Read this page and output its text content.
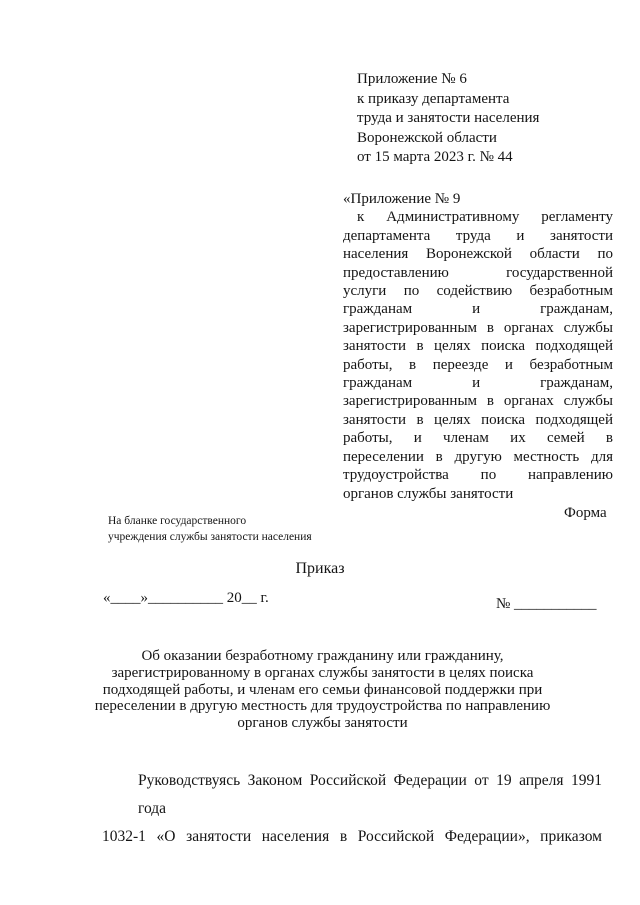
Приложение № 6
к приказу департамента
труда и занятости населения
Воронежской области
от 15 марта 2023 г. № 44
«Приложение № 9
к Административному регламенту
департамента труда и занятости
населения Воронежской области по
предоставлению государственной
услуги по содействию безработным
гражданам и гражданам,
зарегистрированным в органах службы
занятости в целях поиска подходящей
работы, в переезде и безработным
гражданам и гражданам,
зарегистрированным в органах службы
занятости в целях поиска подходящей
работы, и членам их семей в
переселении в другую местность для
трудоустройства по направлению
органов службы занятости
На бланке государственного
учреждения службы занятости населения
Форма
Приказ
«____»__________ 20__ г.	№ ___________
Об оказании безработному гражданину или гражданину,
зарегистрированному в органах службы занятости в целях поиска
подходящей работы, и членам его семьи финансовой поддержки при
переселении в другую местность для трудоустройства по направлению
органов службы занятости
Руководствуясь Законом Российской Федерации от 19 апреля 1991 года
1032-1 «О занятости населения в Российской Федерации», приказом
